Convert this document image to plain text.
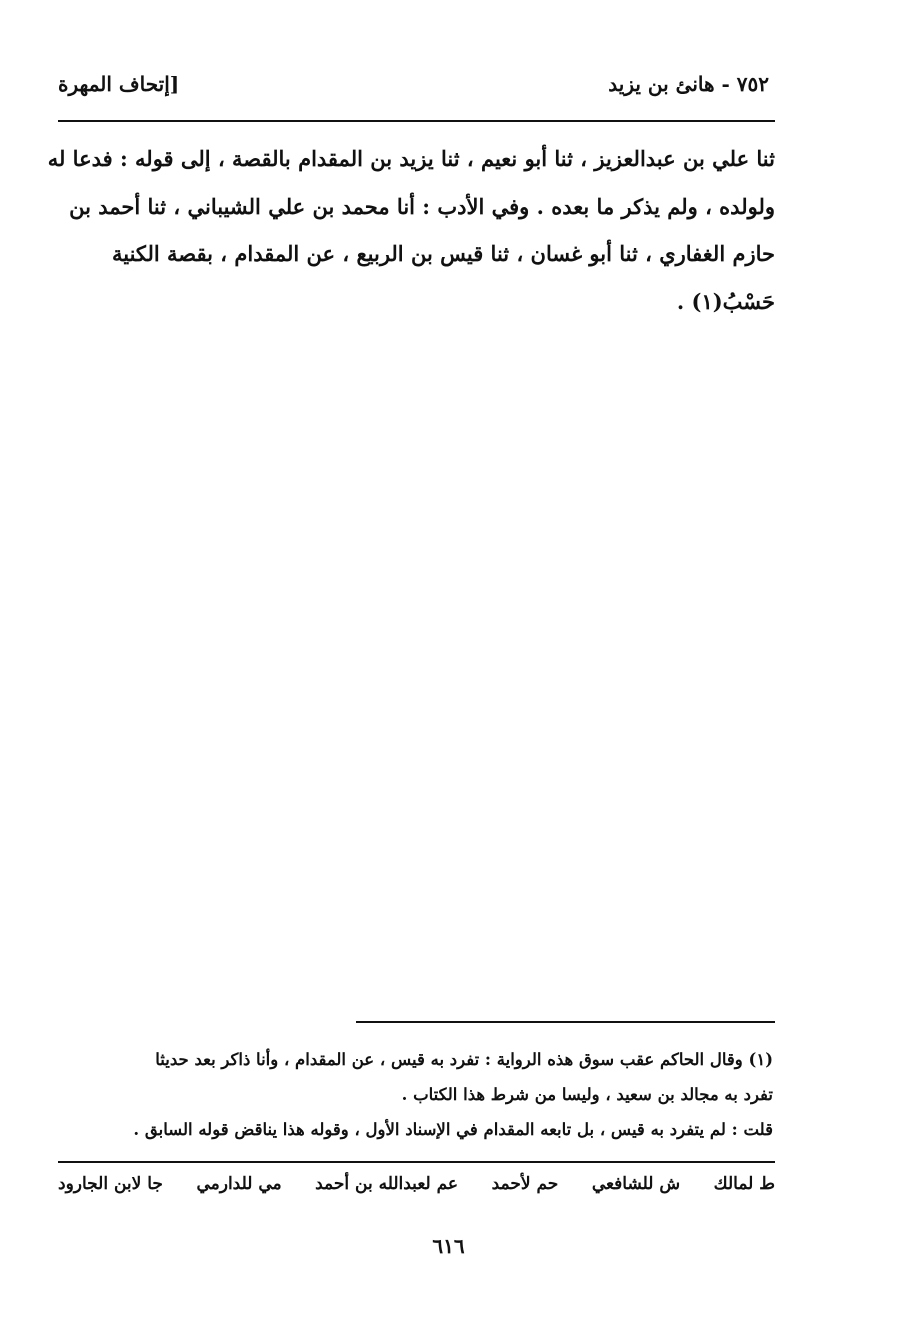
٧٥٢ - هانئ بن يزيد
[إتحاف المهرة
ثنا علي بن عبدالعزيز ، ثنا أبو نعيم ، ثنا يزيد بن المقدام بالقصة ، إلى قوله : فدعا له
ولولده ، ولم يذكر ما بعده . وفي الأدب : أنا محمد بن علي الشيباني ، ثنا أحمد بن
حازم الغفاري ، ثنا أبو غسان ، ثنا قيس بن الربيع ، عن المقدام ، بقصة الكنية
حَسْبُ(١) .
(١) وقال الحاكم عقب سوق هذه الرواية : تفرد به قيس ، عن المقدام ، وأنا ذاكر بعد حديثا
تفرد به مجالد بن سعيد ، وليسا من شرط هذا الكتاب .
قلت : لم يتفرد به قيس ، بل تابعه المقدام في الإسناد الأول ، وقوله هذا يناقض قوله السابق .
ط لمالك
ش للشافعي
حم لأحمد
عم لعبدالله بن أحمد
مي للدارمي
جا لابن الجارود
٦١٦
